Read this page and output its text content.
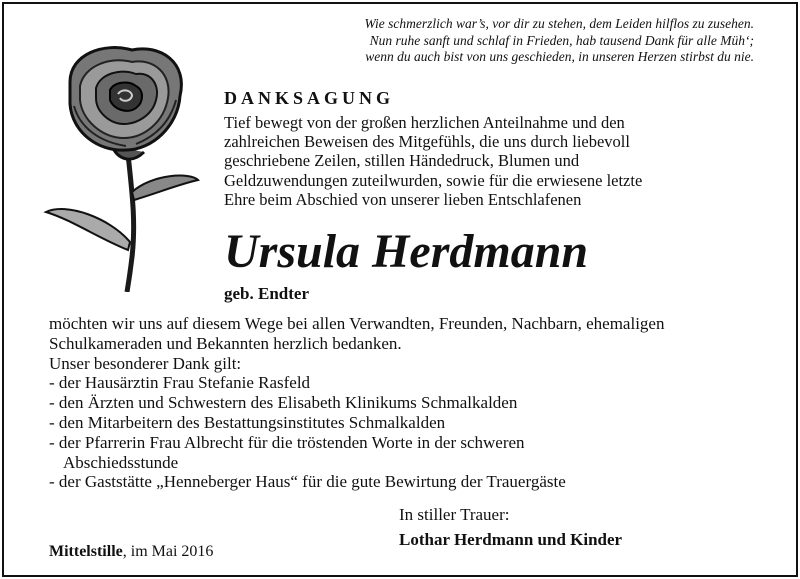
Wie schmerzlich war’s, vor dir zu stehen, dem Leiden hilflos zu zusehen.
Nun ruhe sanft und schlaf in Frieden, hab tausend Dank für alle Müh‘;
wenn du auch bist von uns geschieden, in unseren Herzen stirbst du nie.
DANKSAGUNG
Tief bewegt von der großen herzlichen Anteilnahme und den
zahlreichen Beweisen des Mitgefühls, die uns durch liebevoll
geschriebene Zeilen, stillen Händedruck, Blumen und
Geldzuwendungen zuteilwurden, sowie für die erwiesene letzte
Ehre beim Abschied von unserer lieben Entschlafenen
Ursula Herdmann
geb. Endter
möchten wir uns auf diesem Wege bei allen Verwandten, Freunden, Nachbarn, ehemaligen
Schulkameraden und Bekannten herzlich bedanken.
Unser besonderer Dank gilt:
- der Hausärztin Frau Stefanie Rasfeld
- den Ärzten und Schwestern des Elisabeth Klinikums Schmalkalden
- den Mitarbeitern des Bestattungsinstitutes Schmalkalden
- der Pfarrerin Frau Albrecht für die tröstenden Worte in der schweren
Abschiedsstunde
- der Gaststätte „Henneberger Haus“ für die gute Bewirtung der Trauergäste
In stiller Trauer:
Lothar Herdmann und Kinder
Mittelstille, im Mai 2016
